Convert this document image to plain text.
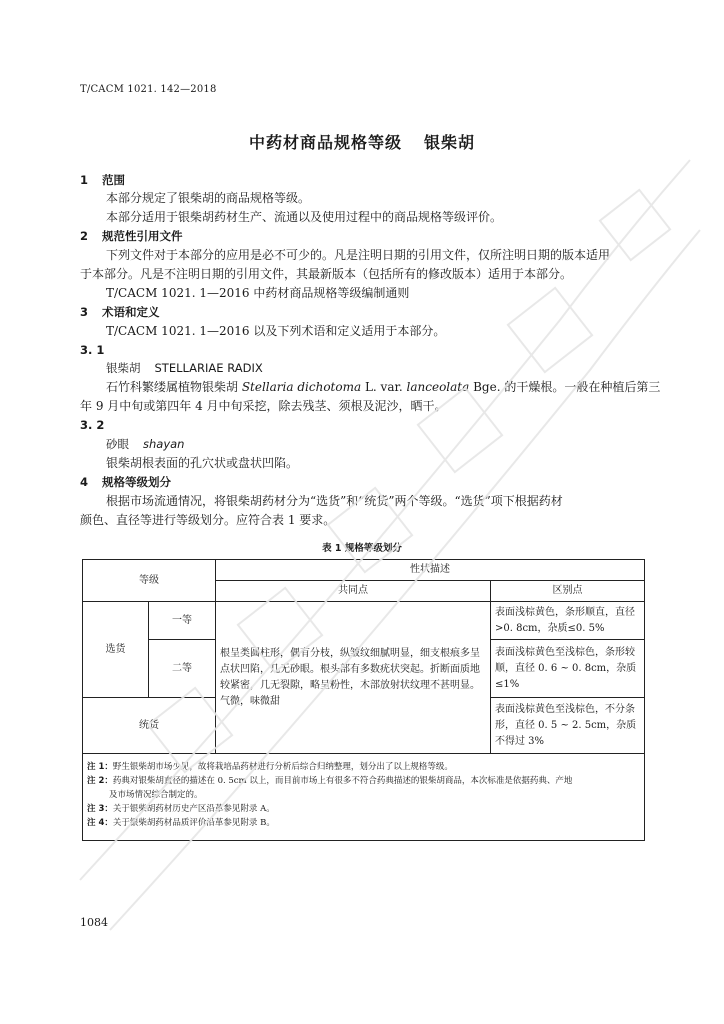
T/CACM 1021. 142—2018
中药材商品规格等级 银柴胡
1 范围
本部分规定了银柴胡的商品规格等级。
本部分适用于银柴胡药材生产、流通以及使用过程中的商品规格等级评价。
2 规范性引用文件
下列文件对于本部分的应用是必不可少的。凡是注明日期的引用文件，仅所注明日期的版本适用
于本部分。凡是不注明日期的引用文件，其最新版本（包括所有的修改版本）适用于本部分。
T/CACM 1021. 1—2016 中药材商品规格等级编制通则
3 术语和定义
T/CACM 1021. 1—2016 以及下列术语和定义适用于本部分。
3. 1
银柴胡 STELLARIAE RADIX
石竹科繁缕属植物银柴胡 Stellaria dichotoma L. var. lanceolata Bge. 的干燥根。一般在种植后第三
年 9 月中旬或第四年 4 月中旬采挖，除去残茎、须根及泥沙，晒干。
3. 2
砂眼 shayan
银柴胡根表面的孔穴状或盘状凹陷。
4 规格等级划分
根据市场流通情况，将银柴胡药材分为“选货”和“统货”两个等级。“选货”项下根据药材
颜色、直径等进行等级划分。应符合表 1 要求。
表 1 规格等级划分
等级		性状描述	
		共同点	区别点
选货	一等	根呈类圆柱形，偶有分枝，纵皱纹细腻明显，细支根痕多呈点状凹陷，几无砂眼。根头部有多数疣状突起。折断面质地较紧密，几无裂隙，略呈粉性，木部放射状纹理不甚明显。气微，味微甜	表面浅棕黄色，条形顺直，直径 >0. 8cm，杂质≤0. 5%
	二等		表面浅棕黄色至浅棕色，条形较顺，直径 0. 6 ~ 0. 8cm，杂质≤1%
统货			表面浅棕黄色至浅棕色，不分条形，直径 0. 5 ~ 2. 5cm，杂质不得过 3%

注 1：野生银柴胡市场少见，故将栽培品药材进行分析后综合归纳整理，划分出了以上规格等级。
注 2：药典对银柴胡直径的描述在 0. 5cm 以上，而目前市场上有很多不符合药典描述的银柴胡商品，本次标准是依据药典、产地
及市场情况综合制定的。
注 3：关于银柴胡药材历史产区沿革参见附录 A。
注 4：关于银柴胡药材品质评价沿革参见附录 B。			
1084
